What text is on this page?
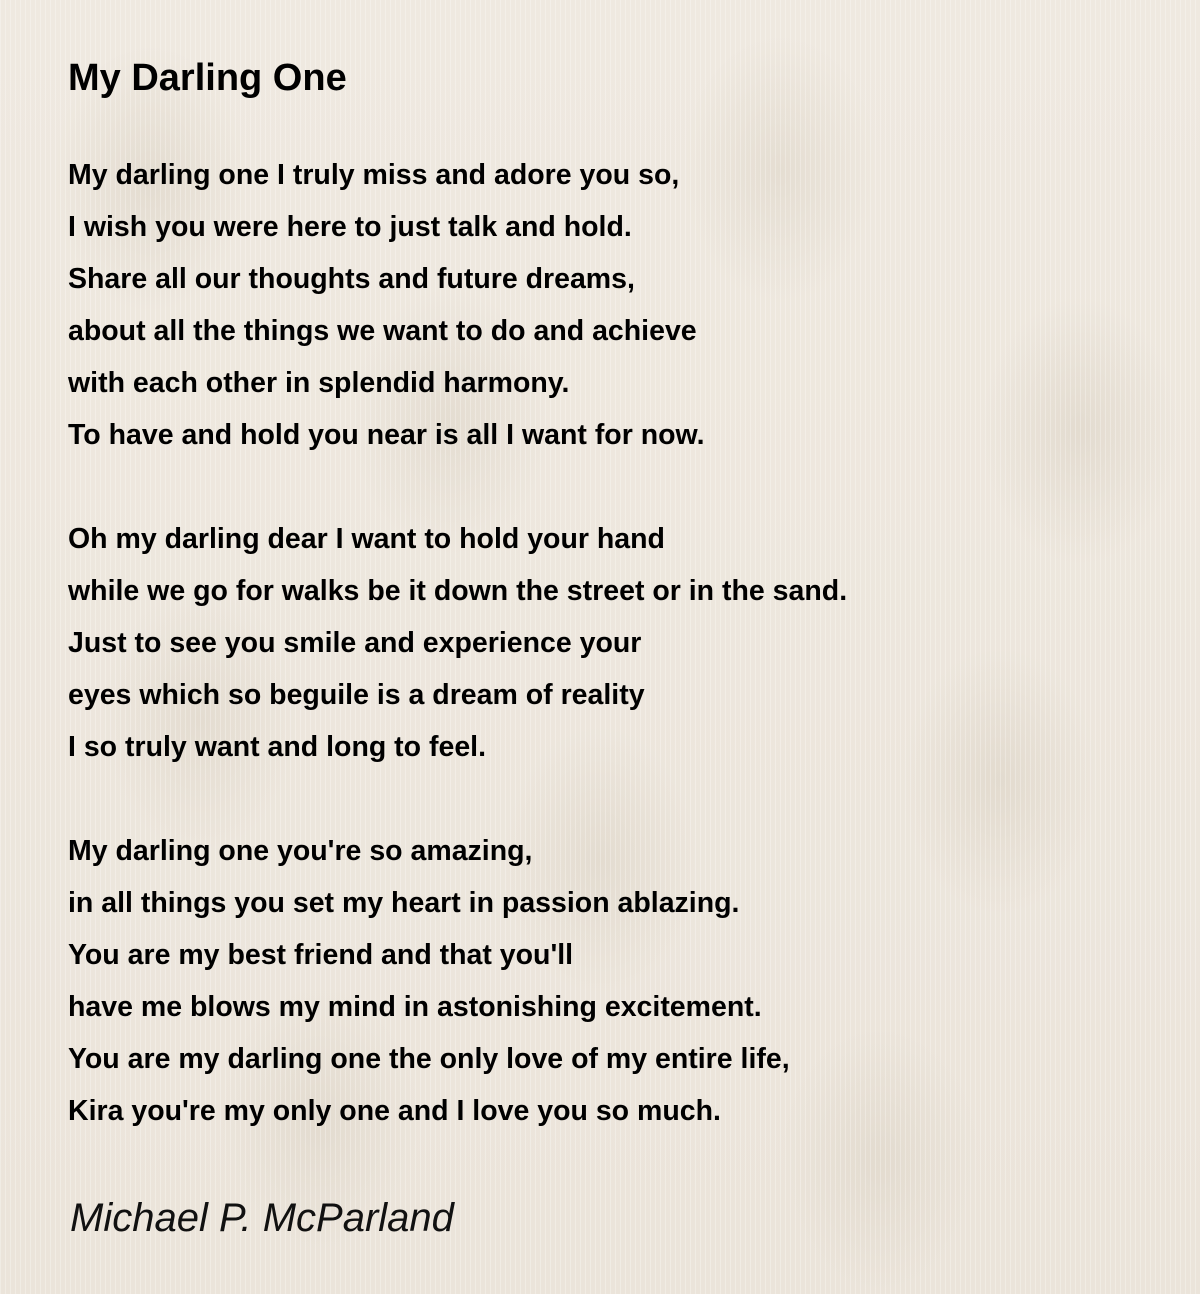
My Darling One
My darling one I truly miss and adore you so,
I wish you were here to just talk and hold.
Share all our thoughts and future dreams,
about all the things we want to do and achieve
with each other in splendid harmony.
To have and hold you near is all I want for now.
Oh my darling dear I want to hold your hand
while we go for walks be it down the street or in the sand.
Just to see you smile and experience your
eyes which so beguile is a dream of reality
I so truly want and long to feel.
My darling one you're so amazing,
in all things you set my heart in passion ablazing.
You are my best friend and that you'll
have me blows my mind in astonishing excitement.
You are my darling one the only love of my entire life,
Kira you're my only one and I love you so much.

Michael P. McParland
